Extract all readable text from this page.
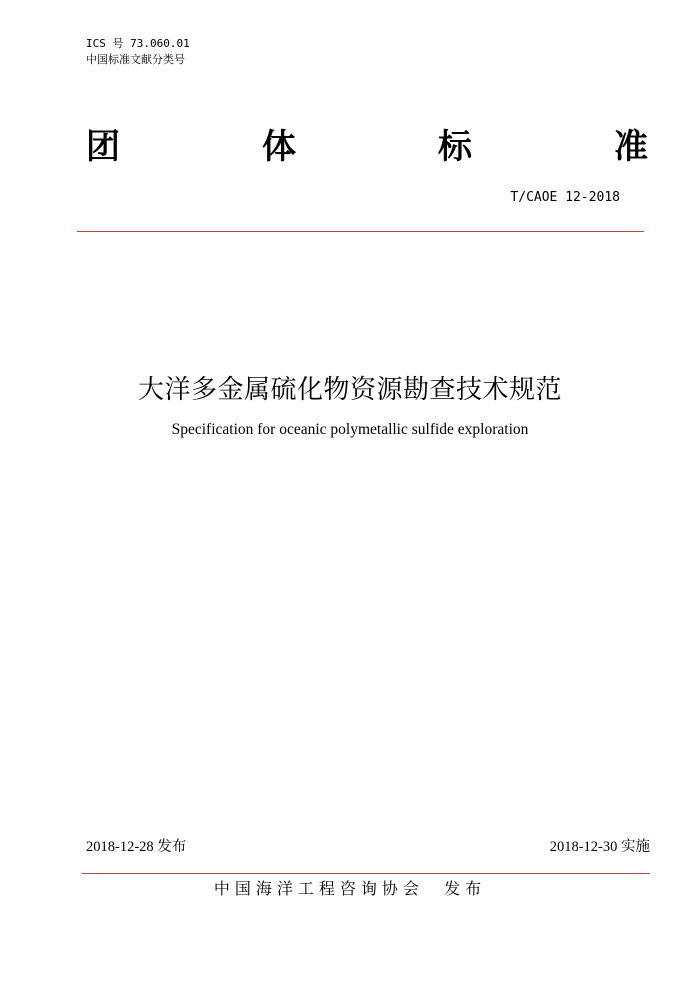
ICS 号 73.060.01
中国标准文献分类号
团	体	标	准
T/CAOE 12-2018
大洋多金属硫化物资源勘查技术规范
Specification for oceanic polymetallic sulfide exploration
2018-12-28 发布	2018-12-30 实施
中国海洋工程咨询协会  发布
